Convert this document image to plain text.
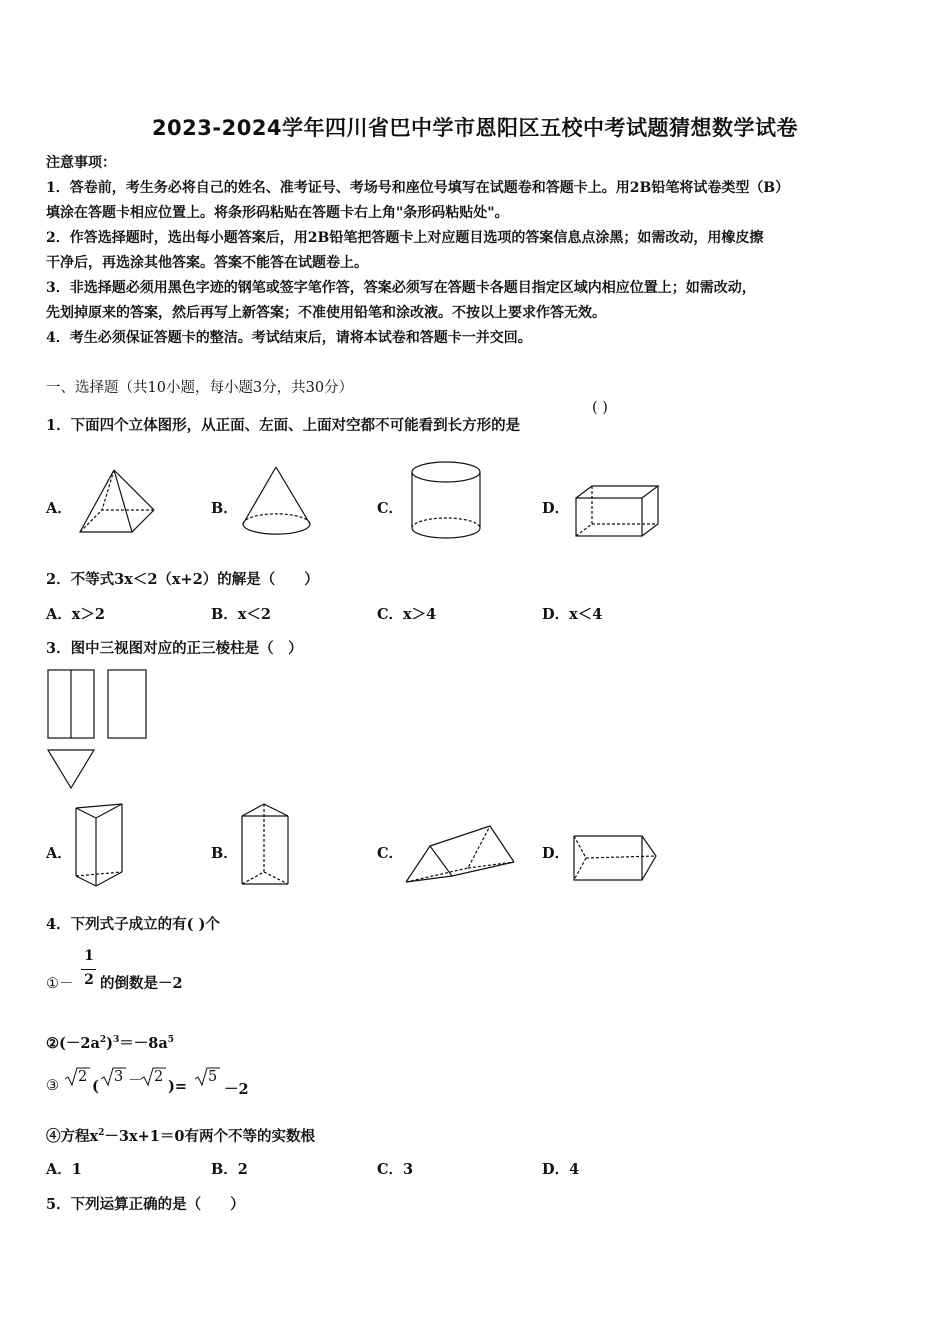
2023-2024学年四川省巴中学市恩阳区五校中考试题猜想数学试卷
注意事项：
1．答卷前，考生务必将自己的姓名、准考证号、考场号和座位号填写在试题卷和答题卡上。用2B铅笔将试卷类型（B）
填涂在答题卡相应位置上。将条形码粘贴在答题卡右上角"条形码粘贴处"。
2．作答选择题时，选出每小题答案后，用2B铅笔把答题卡上对应题目选项的答案信息点涂黑；如需改动，用橡皮擦
干净后，再选涂其他答案。答案不能答在试题卷上。
3．非选择题必须用黑色字迹的钢笔或签字笔作答，答案必须写在答题卡各题目指定区域内相应位置上；如需改动，
先划掉原来的答案，然后再写上新答案；不准使用铅笔和涂改液。不按以上要求作答无效。
4．考生必须保证答题卡的整洁。考试结束后，请将本试卷和答题卡一并交回。
一、选择题（共10小题，每小题3分，共30分）
1．下面四个立体图形，从正面、左面、上面对空都不可能看到长方形的是
( )
A．	B．	C．	D．
2．不等式3x＜2（x+2）的解是（　　）
A．x＞2	B．x＜2	C．x＞4	D．x＜4
3．图中三视图对应的正三棱柱是（　）
A．	B．	C．	D．
4．下列式子成立的有( )个
①－
1
2 的倒数是－2
$②(-2a^2)^3=-8a^5$
③
2
(
3 － 2
)=
5
－2
④方程$x^2-3x+1=0$有两个不等的实数根
A．1	B．2	C．3	D．4
5．下列运算正确的是（　　）
